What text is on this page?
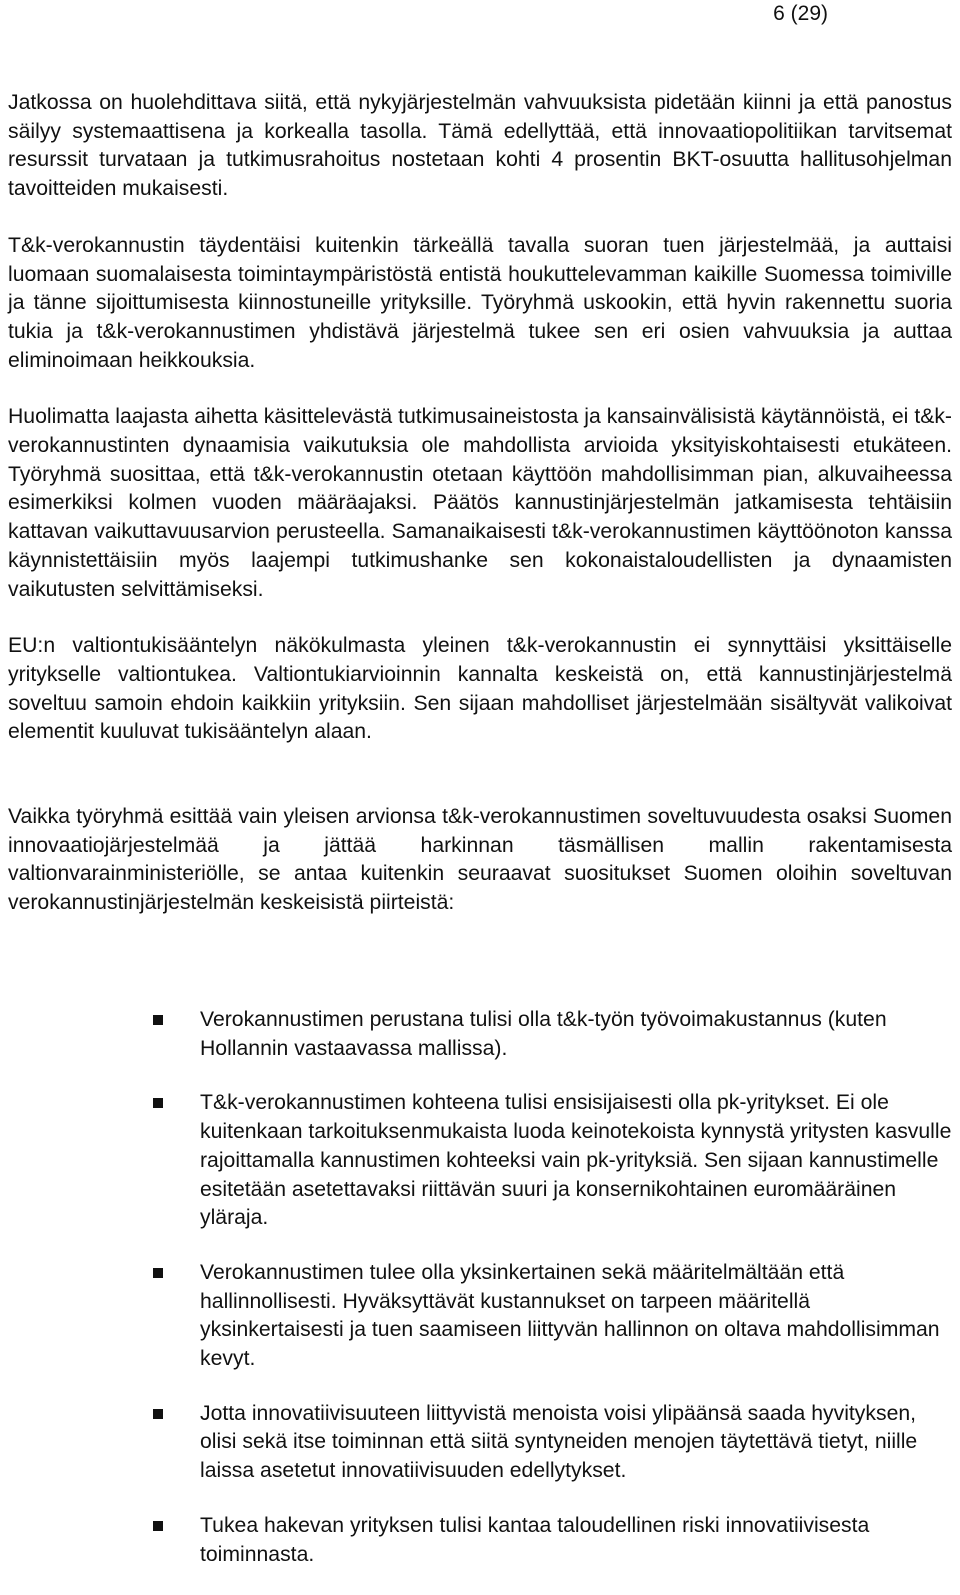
6 (29)

Jatkossa on huolehdittava siitä, että nykyjärjestelmän vahvuuksista pidetään kiinni ja että panostus säilyy systemaattisena ja korkealla tasolla. Tämä edellyttää, että innovaatiopolitiikan tarvitsemat resurssit turvataan ja tutkimusrahoitus nostetaan kohti 4 prosentin BKT-osuutta hallitusohjelman tavoitteiden mukaisesti.

T&k-verokannustin täydentäisi kuitenkin tärkeällä tavalla suoran tuen järjestelmää, ja auttaisi luomaan suomalaisesta toimintaympäristöstä entistä houkuttelevamman kaikille Suomessa toimiville ja tänne sijoittumisesta kiinnostuneille yrityksille. Työryhmä uskookin, että hyvin rakennettu suoria tukia ja t&k-verokannustimen yhdistävä järjestelmä tukee sen eri osien vahvuuksia ja auttaa eliminoimaan heikkouksia.

Huolimatta laajasta aihetta käsittelevästä tutkimusaineistosta ja kansainvälisistä käytännöistä, ei t&k-verokannustinten dynaamisia vaikutuksia ole mahdollista arvioida yksityiskohtaisesti etukäteen. Työryhmä suosittaa, että t&k-verokannustin otetaan käyttöön mahdollisimman pian, alkuvaiheessa esimerkiksi kolmen vuoden määräajaksi. Päätös kannustinjärjestelmän jatkamisesta tehtäisiin kattavan vaikuttavuusarvion perusteella. Samanaikaisesti t&k-verokannustimen käyttöönoton kanssa käynnistettäisiin myös laajempi tutkimushanke sen kokonaistaloudellisten ja dynaamisten vaikutusten selvittämiseksi.

EU:n valtiontukisääntelyn näkökulmasta yleinen t&k-verokannustin ei synnyttäisi yksittäiselle yritykselle valtiontukea. Valtiontukiarvioinnin kannalta keskeistä on, että kannustinjärjestelmä soveltuu samoin ehdoin kaikkiin yrityksiin. Sen sijaan mahdolliset järjestelmään sisältyvät valikoivat elementit kuuluvat tukisääntelyn alaan.

Vaikka työryhmä esittää vain yleisen arvionsa t&k-verokannustimen soveltuvuudesta osaksi Suomen innovaatiojärjestelmää ja jättää harkinnan täsmällisen mallin rakentamisesta valtionvarainministeriölle, se antaa kuitenkin seuraavat suositukset Suomen oloihin soveltuvan verokannustinjärjestelmän keskeisistä piirteistä:

Verokannustimen perustana tulisi olla t&k-työn työvoimakustannus (kuten Hollannin vastaavassa mallissa).
T&k-verokannustimen kohteena tulisi ensisijaisesti olla pk-yritykset. Ei ole kuitenkaan tarkoituksenmukaista luoda keinotekoista kynnystä yritysten kasvulle rajoittamalla kannustimen kohteeksi vain pk-yrityksiä. Sen sijaan kannustimelle esitetään asetettavaksi riittävän suuri ja konsernikohtainen euromääräinen yläraja.
Verokannustimen tulee olla yksinkertainen sekä määritelmältään että hallinnollisesti. Hyväksyttävät kustannukset on tarpeen määritellä yksinkertaisesti ja tuen saamiseen liittyvän hallinnon on oltava mahdollisimman kevyt.
Jotta innovatiivisuuteen liittyvistä menoista voisi ylipäänsä saada hyvityksen, olisi sekä itse toiminnan että siitä syntyneiden menojen täytettävä tietyt, niille laissa asetetut innovatiivisuuden edellytykset.
Tukea hakevan yrityksen tulisi kantaa taloudellinen riski innovatiivisesta toiminnasta.
